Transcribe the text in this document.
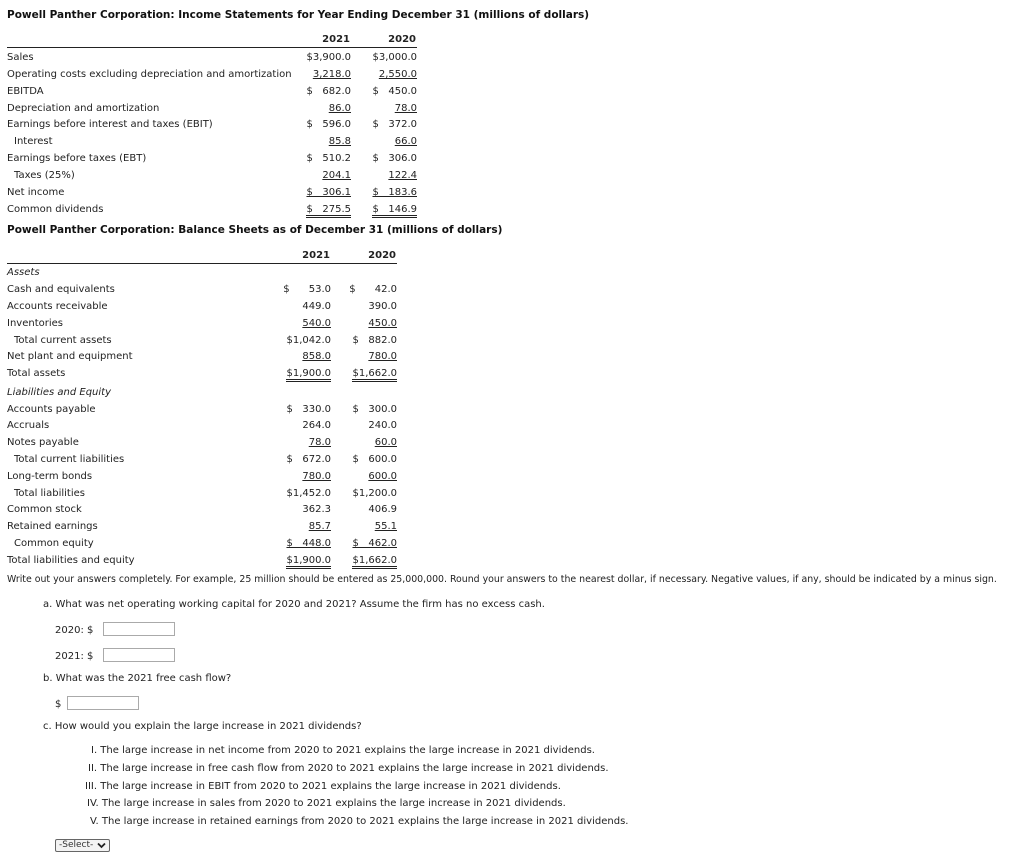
Powell Panther Corporation: Income Statements for Year Ending December 31 (millions of dollars)
2021	2020
Sales
Operating costs excluding depreciation and amortization
EBITDA
Depreciation and amortization
Earnings before interest and taxes (EBIT)
Interest
Earnings before taxes (EBT)
Taxes (25%)
Net income
Common dividends
$3,900.0
3,218.0
$   682.0
86.0
$   596.0
85.8
$   510.2
204.1
$   306.1
$   275.5
$3,000.0
2,550.0
$   450.0
78.0
$   372.0
66.0
$   306.0
122.4
$   183.6
$   146.9
Powell Panther Corporation: Balance Sheets as of December 31 (millions of dollars)
2021	2020
Assets
Cash and equivalents
Accounts receivable
Inventories
Total current assets
Net plant and equipment
Total assets
Liabilities and Equity
Accounts payable
Accruals
Notes payable
Total current liabilities
Long-term bonds
Total liabilities
Common stock
Retained earnings
Common equity
Total liabilities and equity
$      53.0
449.0
540.0
$1,042.0
858.0
$1,900.0
$   330.0
264.0
78.0
$   672.0
780.0
$1,452.0
362.3
85.7
$   448.0
$1,900.0
$      42.0
390.0
450.0
$   882.0
780.0
$1,662.0
$   300.0
240.0
60.0
$   600.0
600.0
$1,200.0
406.9
55.1
$   462.0
$1,662.0
Write out your answers completely. For example, 25 million should be entered as 25,000,000. Round your answers to the nearest dollar, if necessary. Negative values, if any, should be indicated by a minus sign.
a. What was net operating working capital for 2020 and 2021? Assume the firm has no excess cash.
2020: $
2021: $
b. What was the 2021 free cash flow?
$
c. How would you explain the large increase in 2021 dividends?
I. The large increase in net income from 2020 to 2021 explains the large increase in 2021 dividends.
II. The large increase in free cash flow from 2020 to 2021 explains the large increase in 2021 dividends.
III. The large increase in EBIT from 2020 to 2021 explains the large increase in 2021 dividends.
IV. The large increase in sales from 2020 to 2021 explains the large increase in 2021 dividends.
V. The large increase in retained earnings from 2020 to 2021 explains the large increase in 2021 dividends.
-Select-
